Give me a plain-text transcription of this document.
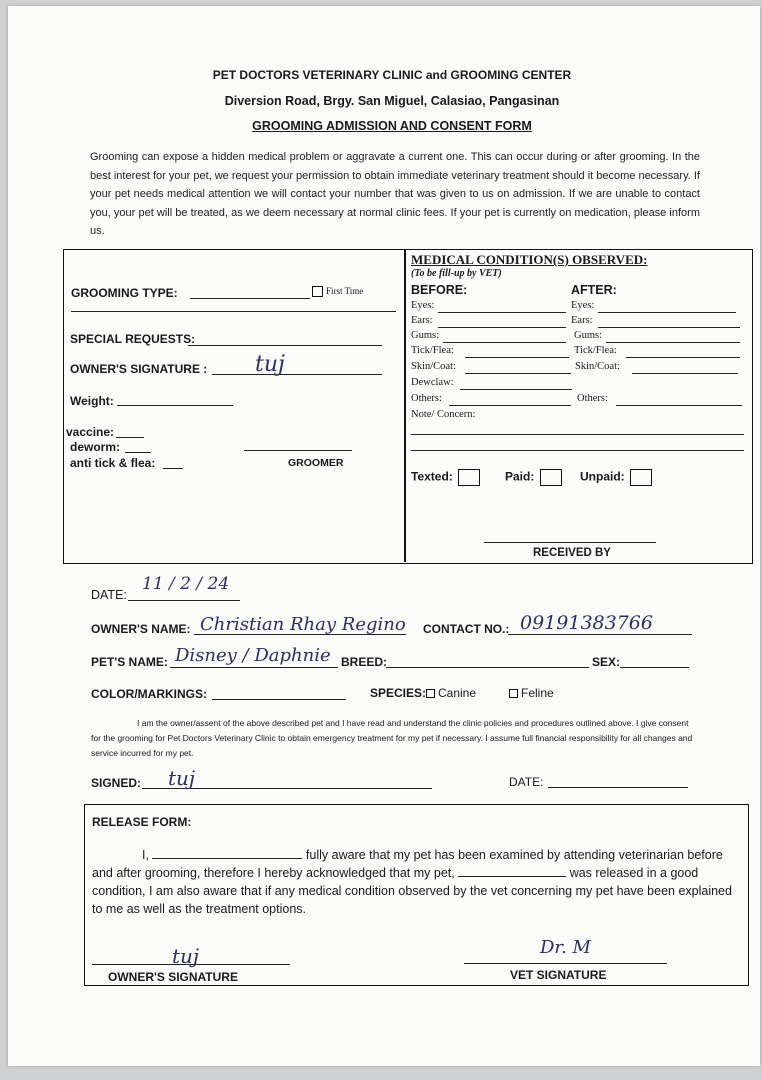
PET DOCTORS VETERINARY CLINIC and GROOMING CENTER
Diversion Road, Brgy. San Miguel, Calasiao, Pangasinan
GROOMING ADMISSION AND CONSENT FORM
Grooming can expose a hidden medical problem or aggravate a current one. This can occur during or after grooming. In the best interest for your pet, we request your permission to obtain immediate veterinary treatment should it become necessary. If your pet needs medical attention we will contact your number that was given to us on admission. If we are unable to contact you, your pet will be treated, as we deem necessary at normal clinic fees. If your pet is currently on medication, please inform us.
GROOMING TYPE:	First Time
SPECIAL REQUESTS:
OWNER'S SIGNATURE : tuj
Weight:
vaccine:
deworm:
anti tick & flea:	GROOMER
MEDICAL CONDITION(S) OBSERVED:
(To be fill-up by VET)
BEFORE:	AFTER:
Eyes:	Eyes:
Ears:	Ears:
Gums:	Gums:
Tick/Flea:	Tick/Flea:
Skin/Coat:	Skin/Coat:
Dewclaw:
Others:	Others:
Note/ Concern:
Texted:	Paid:	Unpaid:
RECEIVED BY
DATE:
11 / 2 / 24
OWNER'S NAME: Christian Rhay Regino CONTACT NO.: 09191383766
PET'S NAME: Disney / Daphnie BREED:	SEX:
COLOR/MARKINGS:	SPECIES: Canine	Feline
I am the owner/assent of the above described pet and I have read and understand the clinic policies and procedures outlined above. I give consent for the grooming for Pet Doctors Veterinary Clinic to obtain emergency treatment for my pet if necessary. I assume full financial responsibility for all changes and service incurred for my pet.
SIGNED: tuj	DATE:
RELEASE FORM:
I,	fully aware that my pet has been examined by attending veterinarian before and after grooming, therefore I hereby acknowledged that my pet,	was released in a good condition, I am also aware that if any medical condition observed by the vet concerning my pet have been explained to me as well as the treatment options.
tuj
OWNER'S SIGNATURE
Dr. M
VET SIGNATURE
